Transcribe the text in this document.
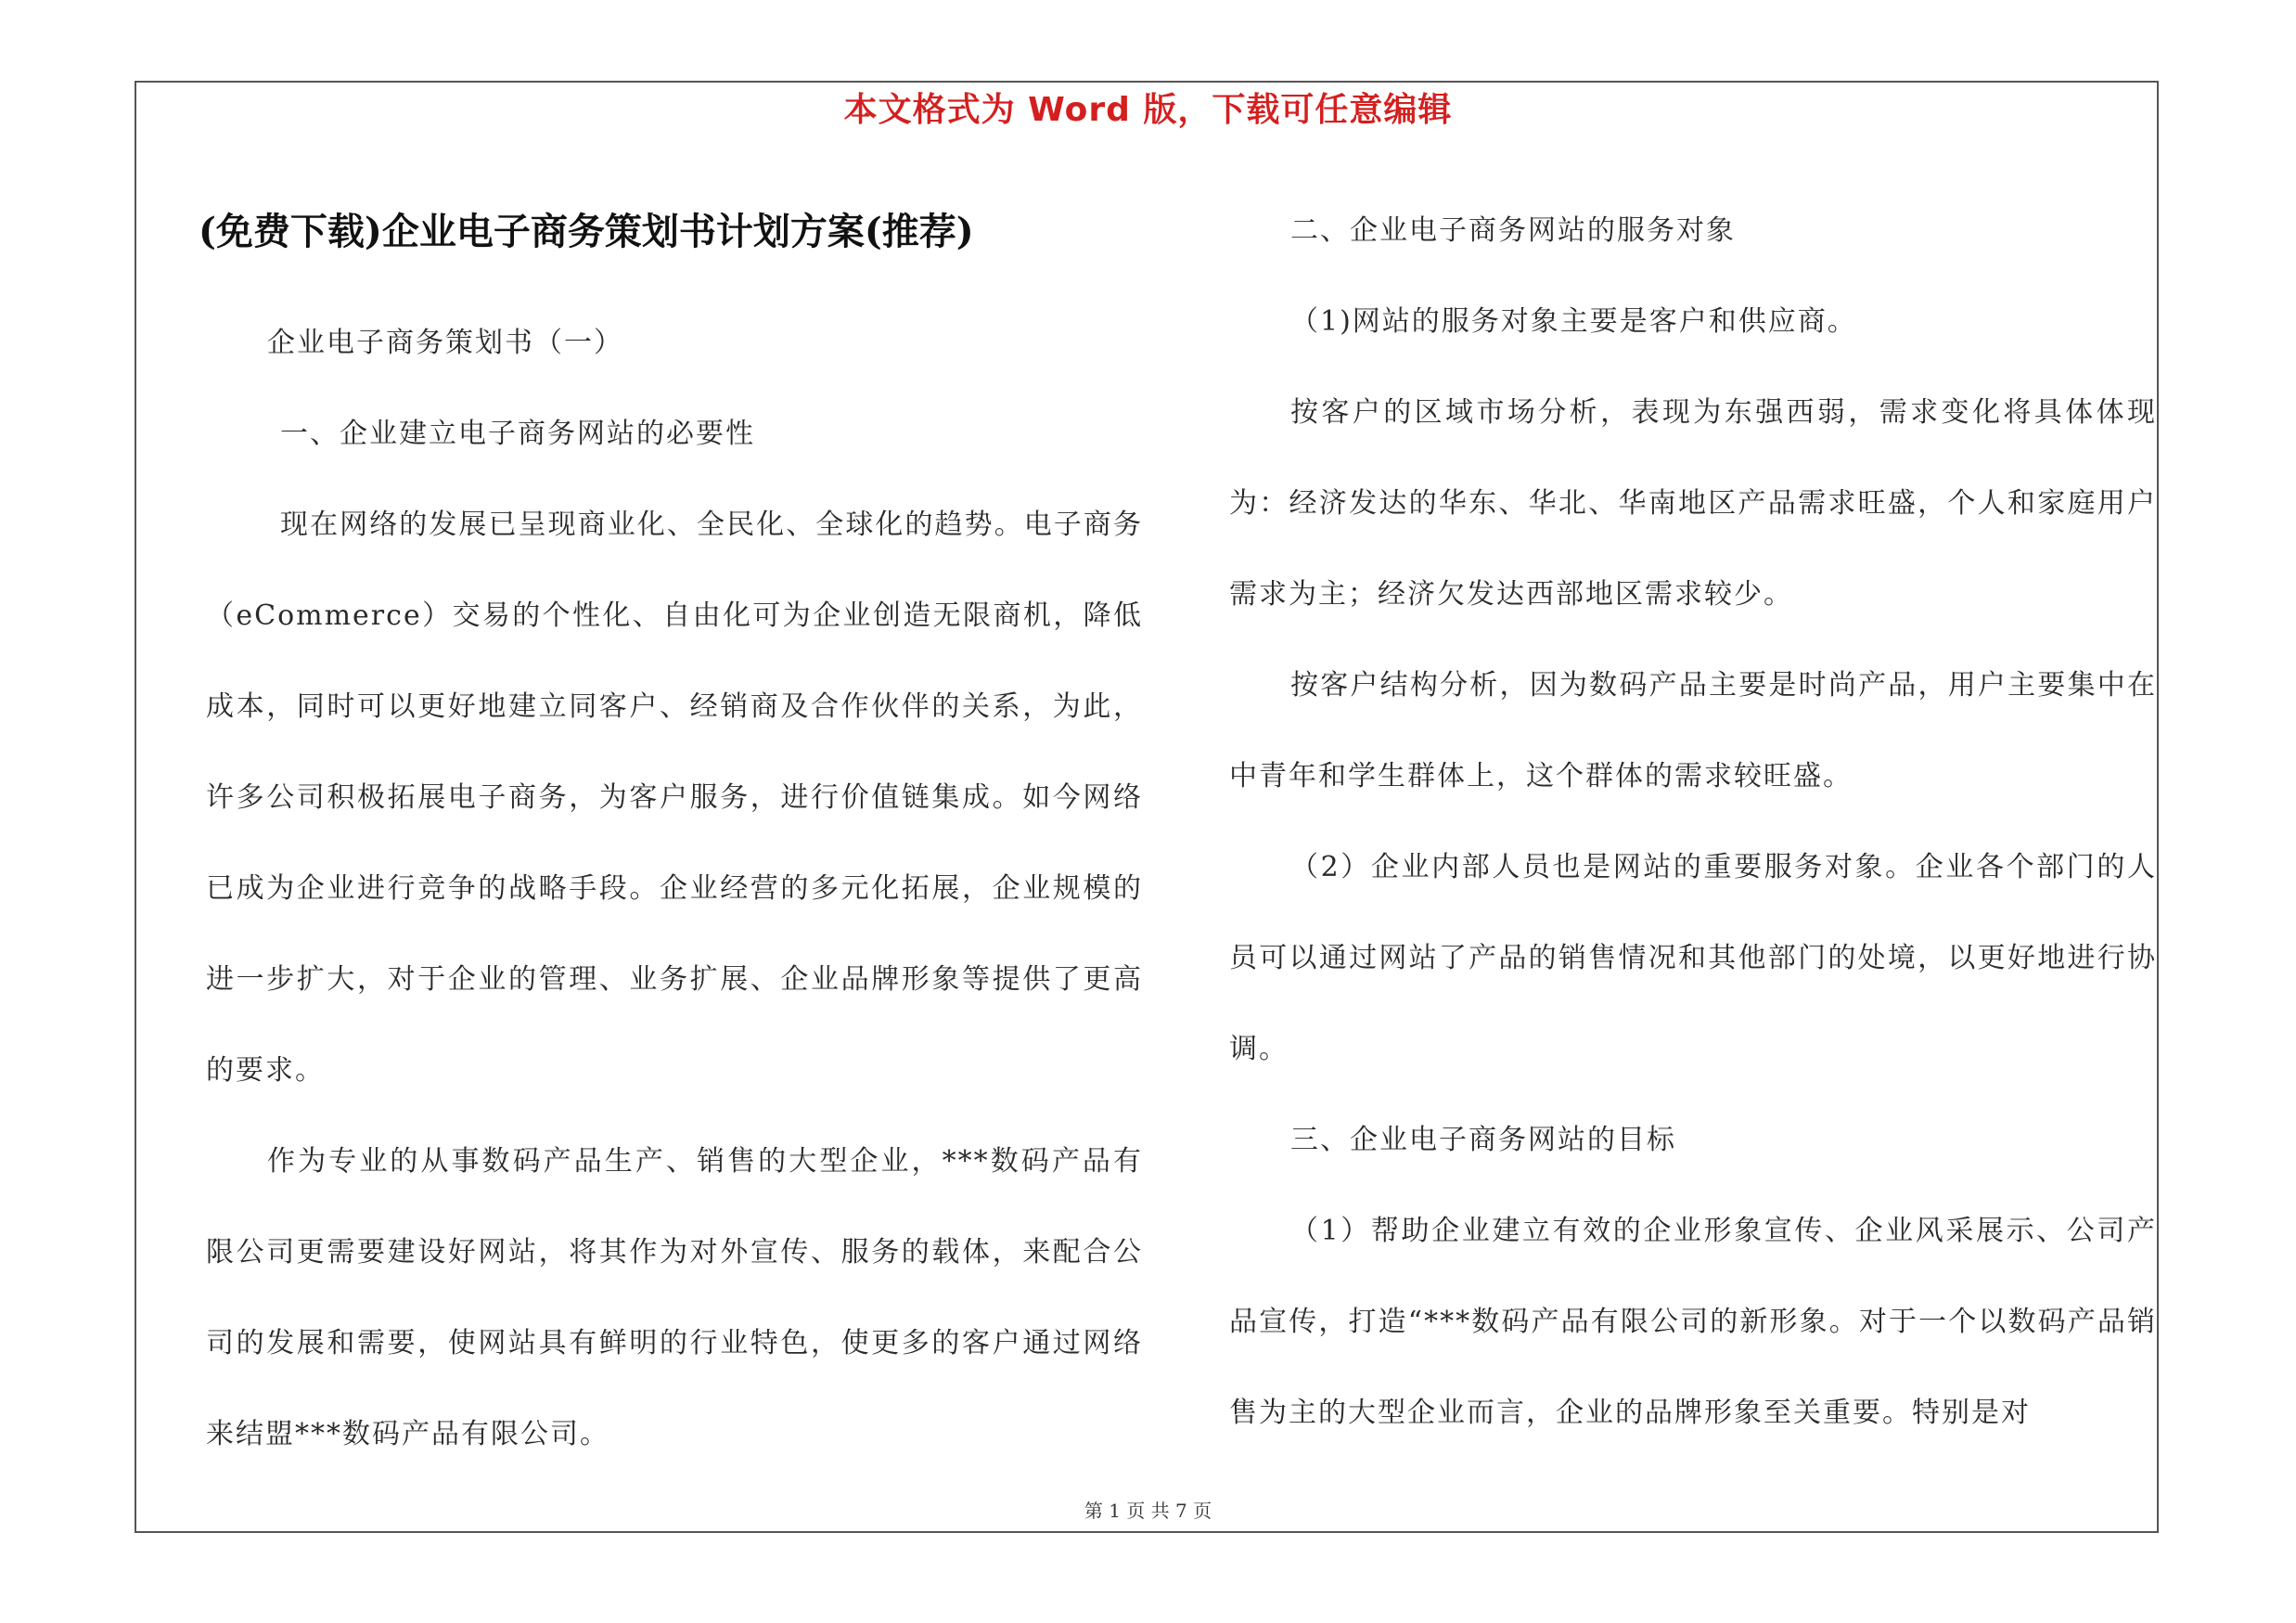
本文格式为 Word 版，下载可任意编辑
(免费下载)企业电子商务策划书计划方案(推荐)

企业电子商务策划书（一）

一、企业建立电子商务网站的必要性

现在网络的发展已呈现商业化、全民化、全球化的趋势。电子商务（eCommerce）交易的个性化、自由化可为企业创造无限商机，降低成本，同时可以更好地建立同客户、经销商及合作伙伴的关系，为此，许多公司积极拓展电子商务，为客户服务，进行价值链集成。如今网络已成为企业进行竞争的战略手段。企业经营的多元化拓展，企业规模的进一步扩大，对于企业的管理、业务扩展、企业品牌形象等提供了更高的要求。

作为专业的从事数码产品生产、销售的大型企业，***数码产品有限公司更需要建设好网站，将其作为对外宣传、服务的载体，来配合公司的发展和需要，使网站具有鲜明的行业特色，使更多的客户通过网络来结盟***数码产品有限公司。

二、企业电子商务网站的服务对象

（1)网站的服务对象主要是客户和供应商。

按客户的区域市场分析，表现为东强西弱，需求变化将具体体现为：经济发达的华东、华北、华南地区产品需求旺盛，个人和家庭用户需求为主；经济欠发达西部地区需求较少。

按客户结构分析，因为数码产品主要是时尚产品，用户主要集中在中青年和学生群体上，这个群体的需求较旺盛。

（2）企业内部人员也是网站的重要服务对象。企业各个部门的人员可以通过网站了产品的销售情况和其他部门的处境，以更好地进行协调。

三、企业电子商务网站的目标

（1）帮助企业建立有效的企业形象宣传、企业风采展示、公司产品宣传，打造“***数码产品有限公司的新形象。对于一个以数码产品销售为主的大型企业而言，企业的品牌形象至关重要。特别是对

第 1 页 共 7 页
